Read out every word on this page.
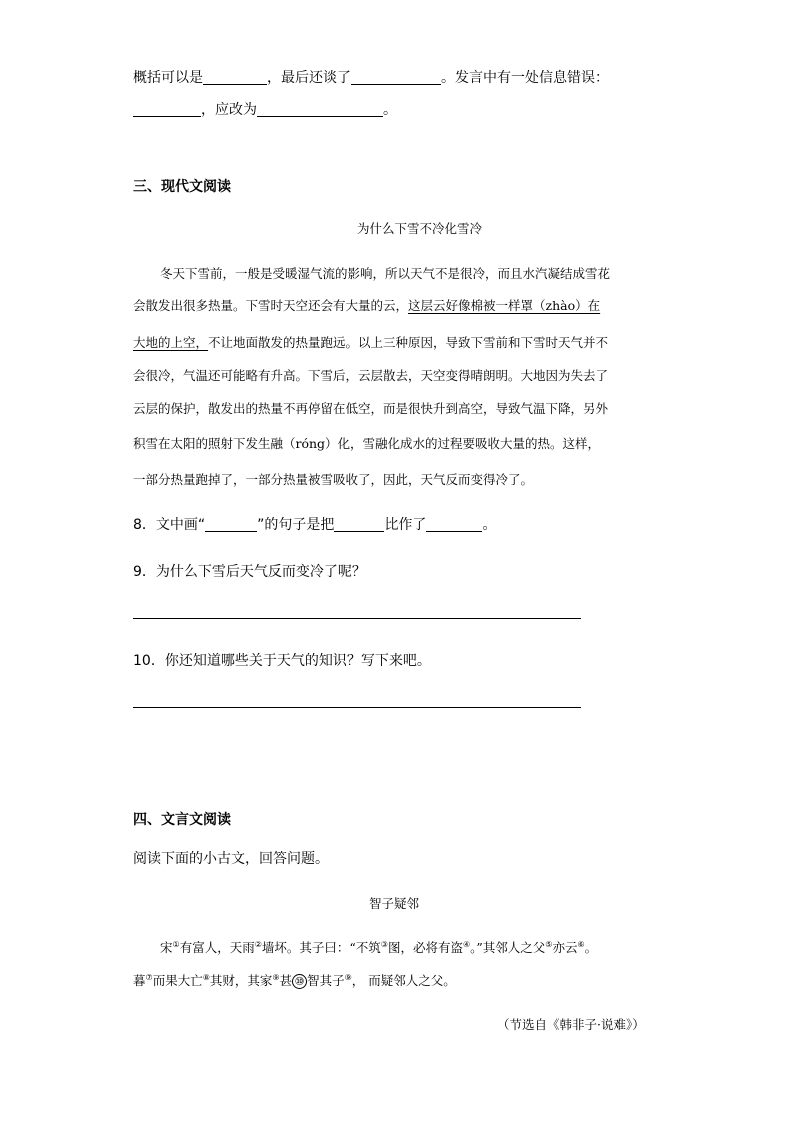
概括可以是	，最后还谈了	。发言中有一处信息错误：
，应改为	。
三、现代文阅读
为什么下雪不冷化雪冷
冬天下雪前，一般是受暖湿气流的影响，所以天气不是很冷，而且水汽凝结成雪花
会散发出很多热量。下雪时天空还会有大量的云，这层云好像棉被一样罩（zhào）在
大地的上空，不让地面散发的热量跑远。以上三种原因，导致下雪前和下雪时天气并不
会很冷，气温还可能略有升高。下雪后，云层散去，天空变得晴朗明。大地因为失去了
云层的保护，散发出的热量不再停留在低空，而是很快升到高空，导致气温下降，另外
积雪在太阳的照射下发生融（róng）化，雪融化成水的过程要吸收大量的热。这样，
一部分热量跑掉了，一部分热量被雪吸收了，因此，天气反而变得冷了。
8．文中画“	”的句子是把	比作了	。
9．为什么下雪后天气反而变冷了呢？
10．你还知道哪些关于天气的知识？写下来吧。
四、文言文阅读
阅读下面的小古文，回答问题。
智子疑邻
宋①有富人，天雨②墙坏。其子曰：“不筑③图，必将有盗④。”其邻人之父⑤亦云⑥。
暮⑦而果大亡⑧其财，其家⑨甚 ⑩ 智其子⑨， 而疑邻人之父。
（节选自《韩非子·说难》）
